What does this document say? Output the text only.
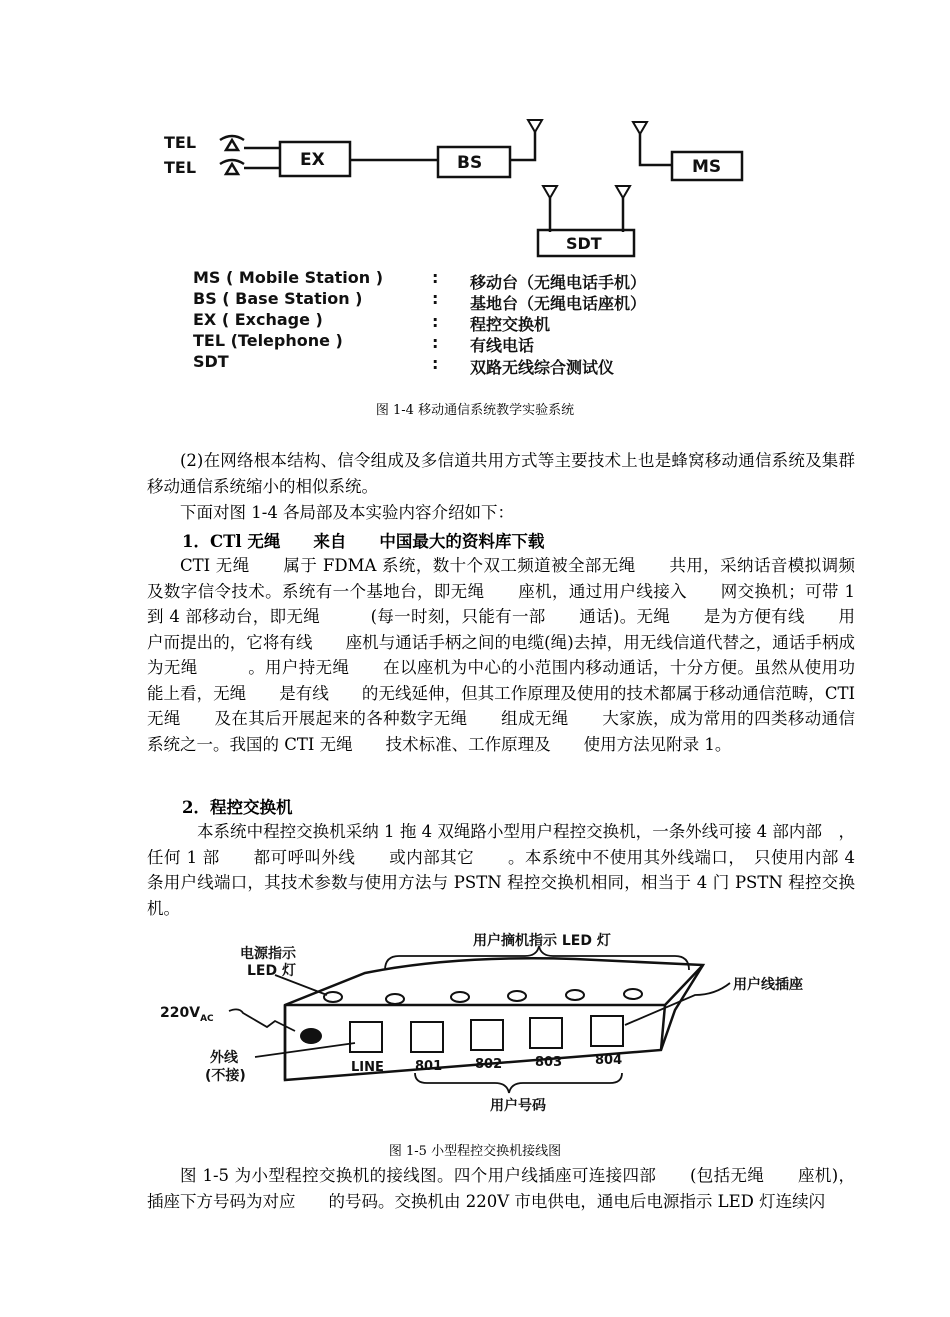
TEL
TEL	EX	BS	MS
SDT
MS ( Mobile Station )	: 移动台（无绳电话手机）
BS ( Base Station )	: 基地台（无绳电话座机）
EX ( Exchage )	: 程控交换机
TEL (Telephone )	: 有线电话
SDT	: 双路无线综合测试仪
图 1-4 移动通信系统教学实验系统
(2)在网络根本结构、信令组成及多信道共用方式等主要技术上也是蜂窝移动通信系统及集群移动通信系统缩小的相似系统。
下面对图 1-4 各局部及本实验内容介绍如下：
1．CTl 无绳　　来自　　中国最大的资料库下载
CTI 无绳　　属于 FDMA 系统，数十个双工频道被全部无绳　　共用，采纳话音模拟调频及数字信令技术。系统有一个基地台，即无绳　　座机，通过用户线接入　　网交换机；可带 1 到 4 部移动台，即无绳　　　(每一时刻，只能有一部　　通话)。无绳　　是为方便有线　　用户而提出的，它将有线　　座机与通话手柄之间的电缆(绳)去掉，用无线信道代替之，通话手柄成为无绳　　　。用户持无绳　　在以座机为中心的小范围内移动通话，十分方便。虽然从使用功能上看，无绳　　是有线　　的无线延伸，但其工作原理及使用的技术都属于移动通信范畴，CTI 无绳　　及在其后开展起来的各种数字无绳　　组成无绳　　大家族，成为常用的四类移动通信系统之一。我国的 CTI 无绳　　技术标准、工作原理及　　使用方法见附录 1。
2．程控交换机
本系统中程控交换机采纳 1 拖 4 双绳路小型用户程控交换机，一条外线可接 4 部内部　，任何 1 部　　都可呼叫外线　　或内部其它　　。本系统中不使用其外线端口，　只使用内部 4 条用户线端口，其技术参数与使用方法与 PSTN 程控交换机相同，相当于 4 门 PSTN 程控交换机。
电源指示
LED 灯
用户摘机指示 LED 灯
用户线插座
$220V_{AC}$
外线
(不接)
用户号码
LINE 801	802	803	804
图 1-5 小型程控交换机接线图
图 1-5 为小型程控交换机的接线图。四个用户线插座可连接四部　　(包括无绳　　座机)，插座下方号码为对应　　的号码。交换机由 220V 市电供电，通电后电源指示 LED 灯连续闪
